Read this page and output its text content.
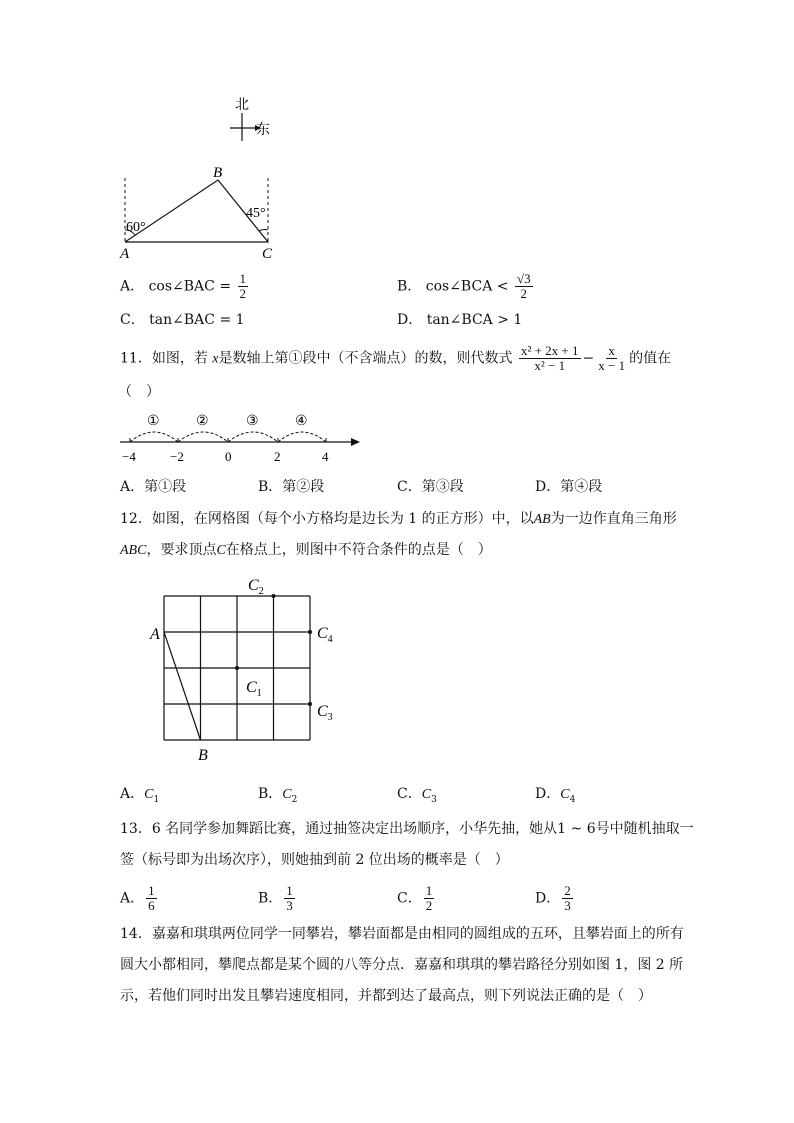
北
东
B
A	C
60°
45°
A． cos∠BAC = $\frac{1}{2}$	B． cos∠BCA < $\frac{√3}{2}$
C． tan∠BAC = 1	D． tan∠BCA > 1
11．如图，若 x是数轴上第①段中（不含端点）的数，则代数式 $\frac{\text{x² + 2x + 1}}{\text{x² − 1}} - \frac{x}{x - 1}$ 的值在
（　）
①	②	③	④
−4	−2	0	2	4
A．第①段	B．第②段	C．第③段	D．第④段
12．如图，在网格图（每个小方格均是边长为 1 的正方形）中，以AB为一边作直角三角形
ABC，要求顶点C在格点上，则图中不符合条件的点是（　）
A
B
$C_2$
$C_4$
$C_1$
$C_3$
A．$C_1$	B．$C_2$	C．$C_3$	D．$C_4$
13．6 名同学参加舞蹈比赛，通过抽签决定出场顺序，小华先抽，她从1 ~ 6号中随机抽取一
签（标号即为出场次序），则她抽到前 2 位出场的概率是（　）
A． $\frac{1}{6}$	B． $\frac{1}{3}$	C． $\frac{1}{2}$	D． $\frac{2}{3}$
14．嘉嘉和琪琪两位同学一同攀岩，攀岩面都是由相同的圆组成的五环，且攀岩面上的所有
圆大小都相同，攀爬点都是某个圆的八等分点．嘉嘉和琪琪的攀岩路径分别如图 1，图 2 所
示，若他们同时出发且攀岩速度相同，并都到达了最高点，则下列说法正确的是（　）
